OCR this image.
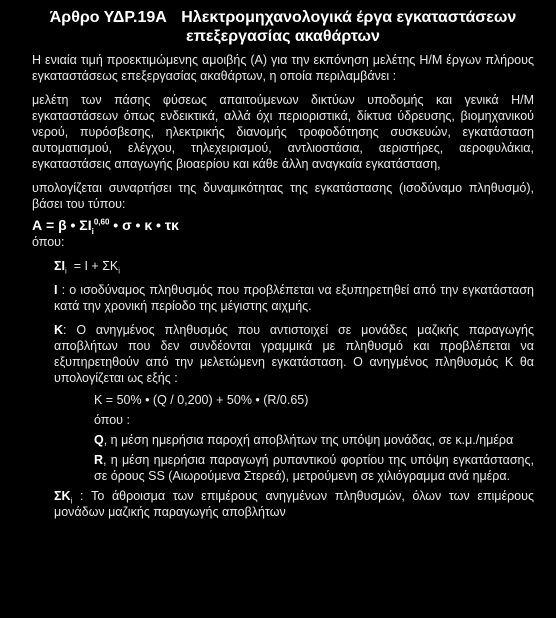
Άρθρο ΥΔΡ.19Α Ηλεκτρομηχανολογικά έργα εγκαταστάσεων
επεξεργασίας ακαθάρτων

Η ενιαία τιμή προεκτιμώμενης αμοιβής (Α) για την εκπόνηση μελέτης Η/Μ έργων πλήρους εγκαταστάσεως επεξεργασίας ακαθάρτων, η οποία περιλαμβάνει :

μελέτη των πάσης φύσεως απαιτούμενων δικτύων υποδομής και γενικά Η/Μ εγκαταστάσεων όπως ενδεικτικά, αλλά όχι περιοριστικά, δίκτυα ύδρευσης, βιομηχανικού νερού, πυρόσβεσης, ηλεκτρικής διανομής τροφοδότησης συσκευών, εγκατάσταση αυτοματισμού, ελέγχου, τηλεχειρισμού, αντλιοστάσια, αεριστήρες, αεροφυλάκια, εγκαταστάσεις απαγωγής βιοαερίου και κάθε άλλη αναγκαία εγκατάσταση,

υπολογίζεται συναρτήσει της δυναμικότητας της εγκατάστασης (ισοδύναμο πληθυσμό), βάσει του τύπου:

Α = β • $\Sigma I_i^{0,60}$ • σ • κ • τκ

όπου:

$\Sigma I_i = I + \Sigma K_i$

Ι : ο ισοδύναμος πληθυσμός που προβλέπεται να εξυπηρετηθεί από την εγκατάσταση κατά την χρονική περίοδο της μέγιστης αιχμής.

Κ: Ο ανηγμένος πληθυσμός που αντιστοιχεί σε μονάδες μαζικής παραγωγής αποβλήτων που δεν συνδέονται γραμμικά με πληθυσμό και προβλέπεται να εξυπηρετηθούν από την μελετώμενη εγκατάσταση. Ο ανηγμένος πληθυσμός Κ θα υπολογίζεται ως εξής :

Κ = 50% • (Q / 0,200) + 50% • (R/0.65)

όπου :

Q, η μέση ημερήσια παροχή αποβλήτων της υπόψη μονάδας, σε κ.μ./ημέρα

R, η μέση ημερήσια παραγωγή ρυπαντικού φορτίου της υπόψη εγκατάστασης, σε όρους SS (Αιωρούμενα Στερεά), μετρούμενη σε χιλιόγραμμα ανά ημέρα.

$\Sigma K_i$ : Το άθροισμα των επιμέρους ανηγμένων πληθυσμών, όλων των επιμέρους μονάδων μαζικής παραγωγής αποβλήτων
